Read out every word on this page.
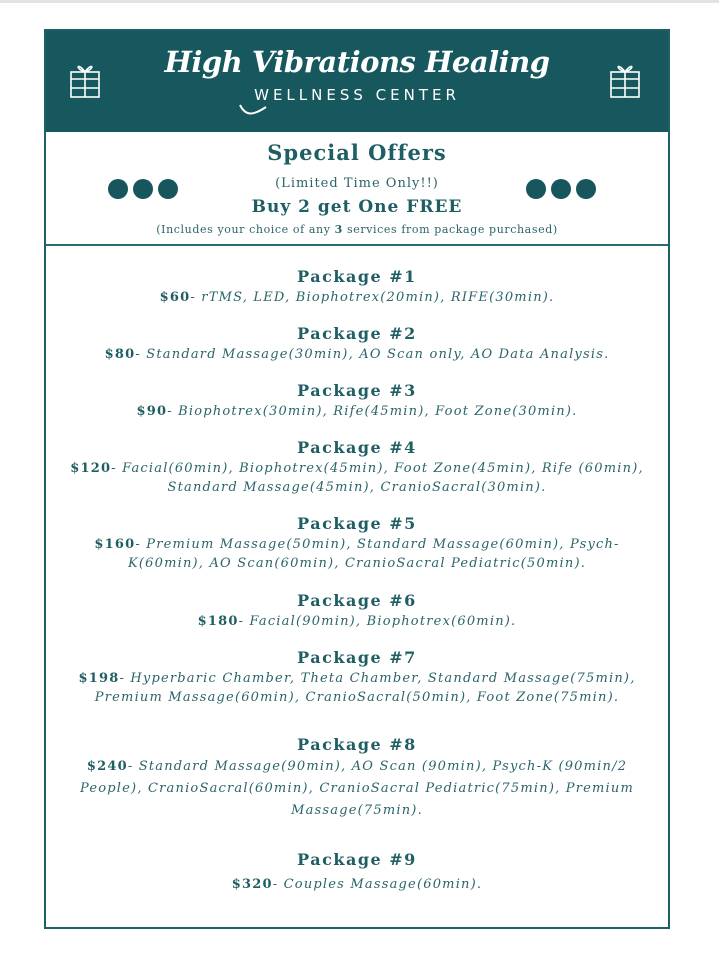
High Vibrations Healing
WELLNESS CENTER
Special Offers
(Limited Time Only!!)
Buy 2 get One FREE
(Includes your choice of any 3 services from package purchased)
Package #1
$60- rTMS, LED, Biophotrex(20min), RIFE(30min).
Package #2
$80- Standard Massage(30min), AO Scan only, AO Data Analysis.
Package #3
$90- Biophotrex(30min), Rife(45min), Foot Zone(30min).
Package #4
$120- Facial(60min), Biophotrex(45min), Foot Zone(45min), Rife (60min), Standard Massage(45min), CranioSacral(30min).
Package #5
$160- Premium Massage(50min), Standard Massage(60min), Psych-K(60min), AO Scan(60min), CranioSacral Pediatric(50min).
Package #6
$180- Facial(90min), Biophotrex(60min).
Package #7
$198- Hyperbaric Chamber, Theta Chamber, Standard Massage(75min), Premium Massage(60min), CranioSacral(50min), Foot Zone(75min).
Package #8
$240- Standard Massage(90min), AO Scan (90min), Psych-K (90min/2 People), CranioSacral(60min), CranioSacral Pediatric(75min), Premium Massage(75min).
Package #9
$320- Couples Massage(60min).
